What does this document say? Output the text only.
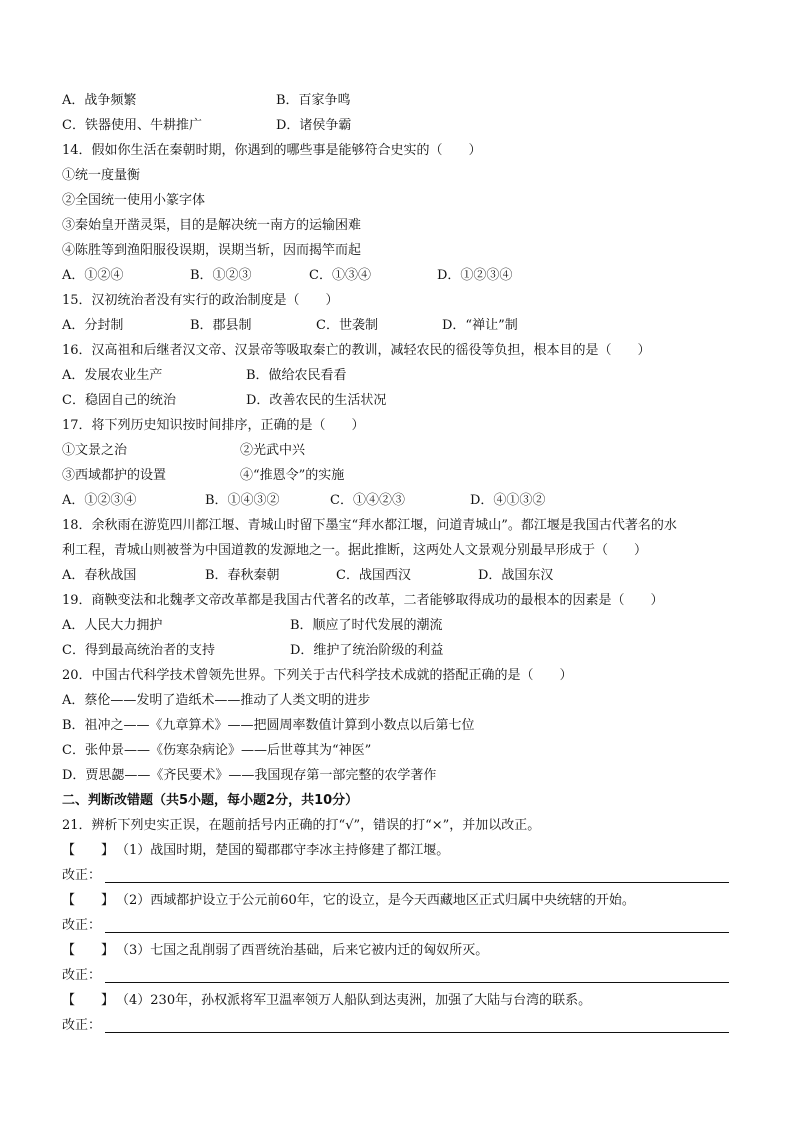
A．战争频繁	B．百家争鸣
C．铁器使用、牛耕推广	D．诸侯争霸
14．假如你生活在秦朝时期，你遇到的哪些事是能够符合史实的（　　）
①统一度量衡
②全国统一使用小篆字体
③秦始皇开凿灵渠，目的是解决统一南方的运输困难
④陈胜等到渔阳服役误期，误期当斩，因而揭竿而起
A．①②④	B．①②③	C．①③④	D．①②③④
15．汉初统治者没有实行的政治制度是（　　）
A．分封制	B．郡县制	C．世袭制	D．“禅让”制
16．汉高祖和后继者汉文帝、汉景帝等吸取秦亡的教训，减轻农民的徭役等负担，根本目的是（　　）
A．发展农业生产	B．做给农民看看
C．稳固自己的统治	D．改善农民的生活状况
17．将下列历史知识按时间排序，正确的是（　　）
①文景之治	②光武中兴
③西域都护的设置	④“推恩令”的实施
A．①②③④	B．①④③②	C．①④②③	D．④①③②
18．余秋雨在游览四川都江堰、青城山时留下墨宝“拜水都江堰，问道青城山”。都江堰是我国古代著名的水
利工程，青城山则被誉为中国道教的发源地之一。据此推断，这两处人文景观分别最早形成于（　　）
A．春秋战国	B．春秋秦朝	C．战国西汉	D．战国东汉
19．商鞅变法和北魏孝文帝改革都是我国古代著名的改革，二者能够取得成功的最根本的因素是（　　）
A．人民大力拥护	B．顺应了时代发展的潮流
C．得到最高统治者的支持	D．维护了统治阶级的利益
20．中国古代科学技术曾领先世界。下列关于古代科学技术成就的搭配正确的是（　　）
A．蔡伦——发明了造纸术——推动了人类文明的进步
B．祖冲之——《九章算术》——把圆周率数值计算到小数点以后第七位
C．张仲景——《伤寒杂病论》——后世尊其为“神医”
D．贾思勰——《齐民要术》——我国现存第一部完整的农学著作
二、判断改错题（共5小题，每小题2分，共10分）
21．辨析下列史实正误，在题前括号内正确的打“√”，错误的打“×”，并加以改正。
【　　】 （1）战国时期，楚国的蜀郡郡守李冰主持修建了都江堰。
改正：
【　　】 （2）西域都护设立于公元前60年，它的设立，是今天西藏地区正式归属中央统辖的开始。
改正：
【　　】 （3）七国之乱削弱了西晋统治基础，后来它被内迁的匈奴所灭。
改正：
【　　】 （4）230年，孙权派将军卫温率领万人船队到达夷洲，加强了大陆与台湾的联系。
改正：
